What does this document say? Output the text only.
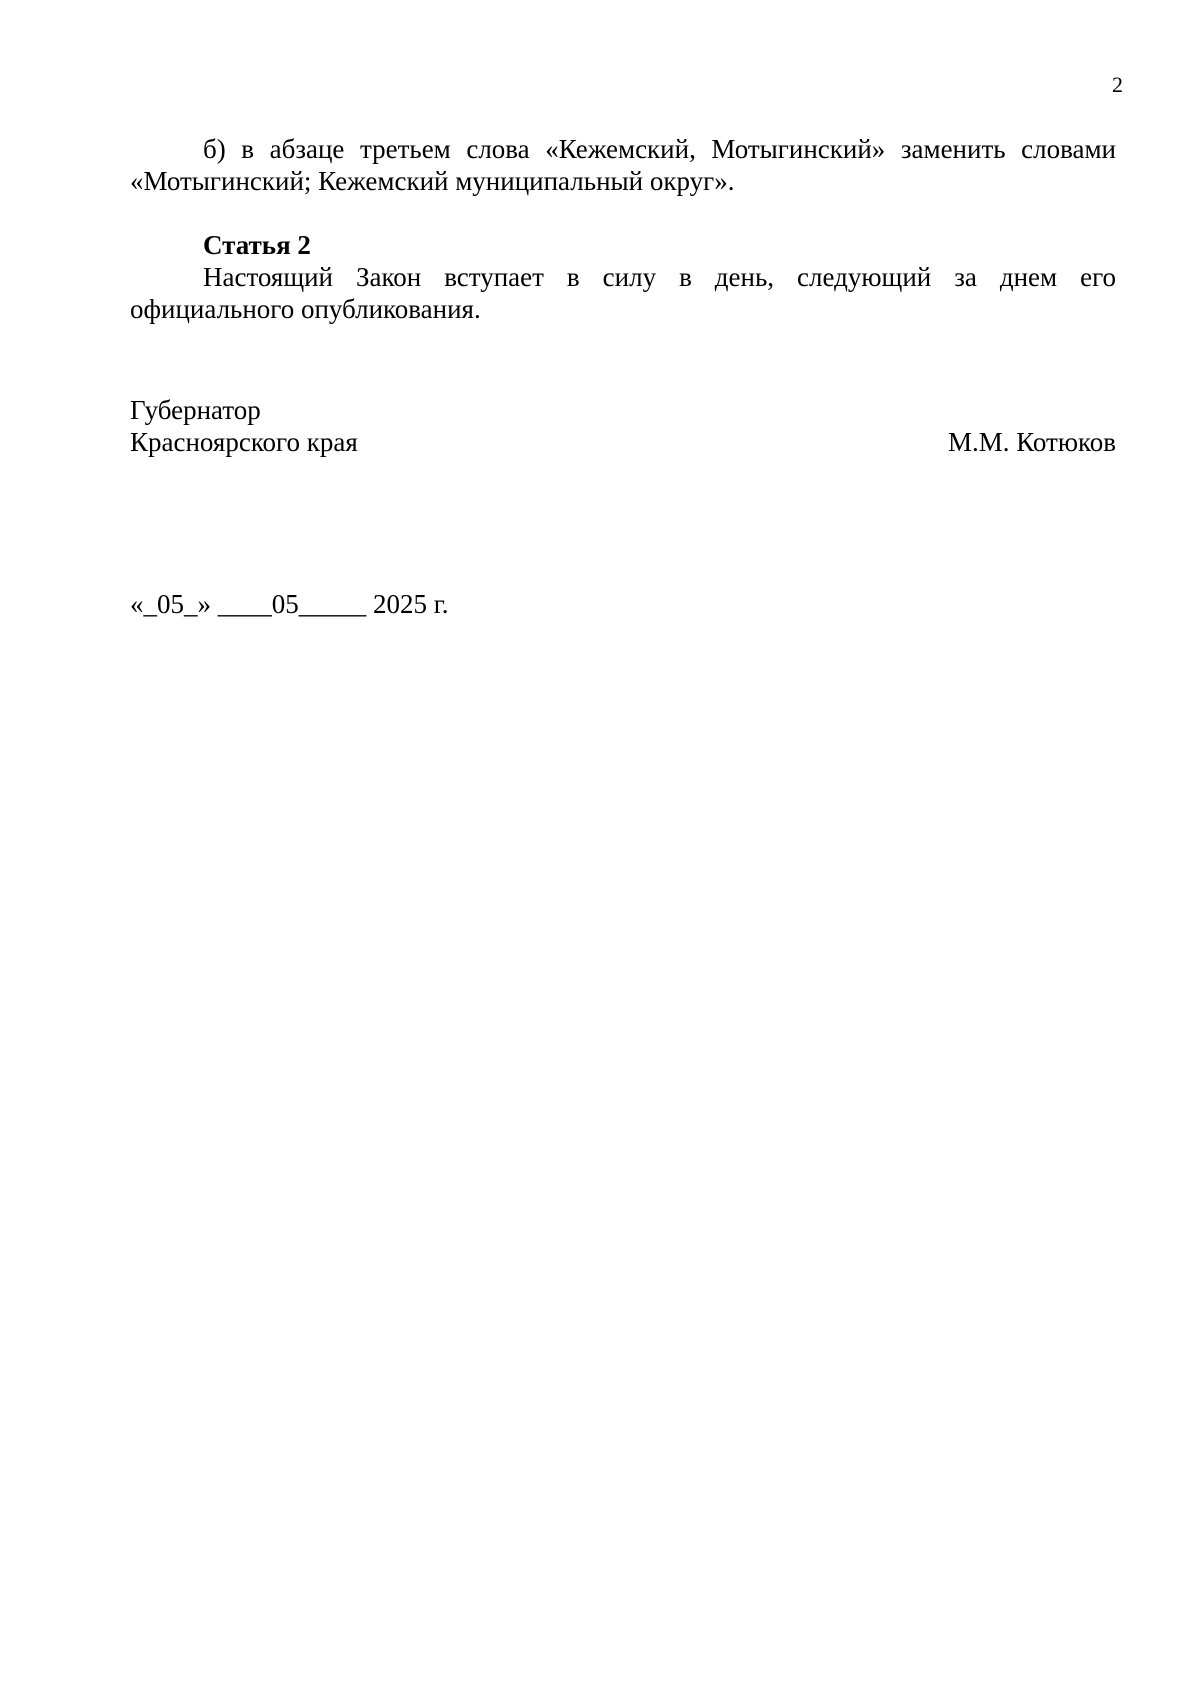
2

б) в абзаце третьем слова «Кежемский, Мотыгинский» заменить словами «Мотыгинский; Кежемский муниципальный округ».

Статья 2

Настоящий Закон вступает в силу в день, следующий за днем его официального опубликования.

Губернатор
Красноярского края	М.М. Котюков
«_05_» ____05_____ 2025 г.
